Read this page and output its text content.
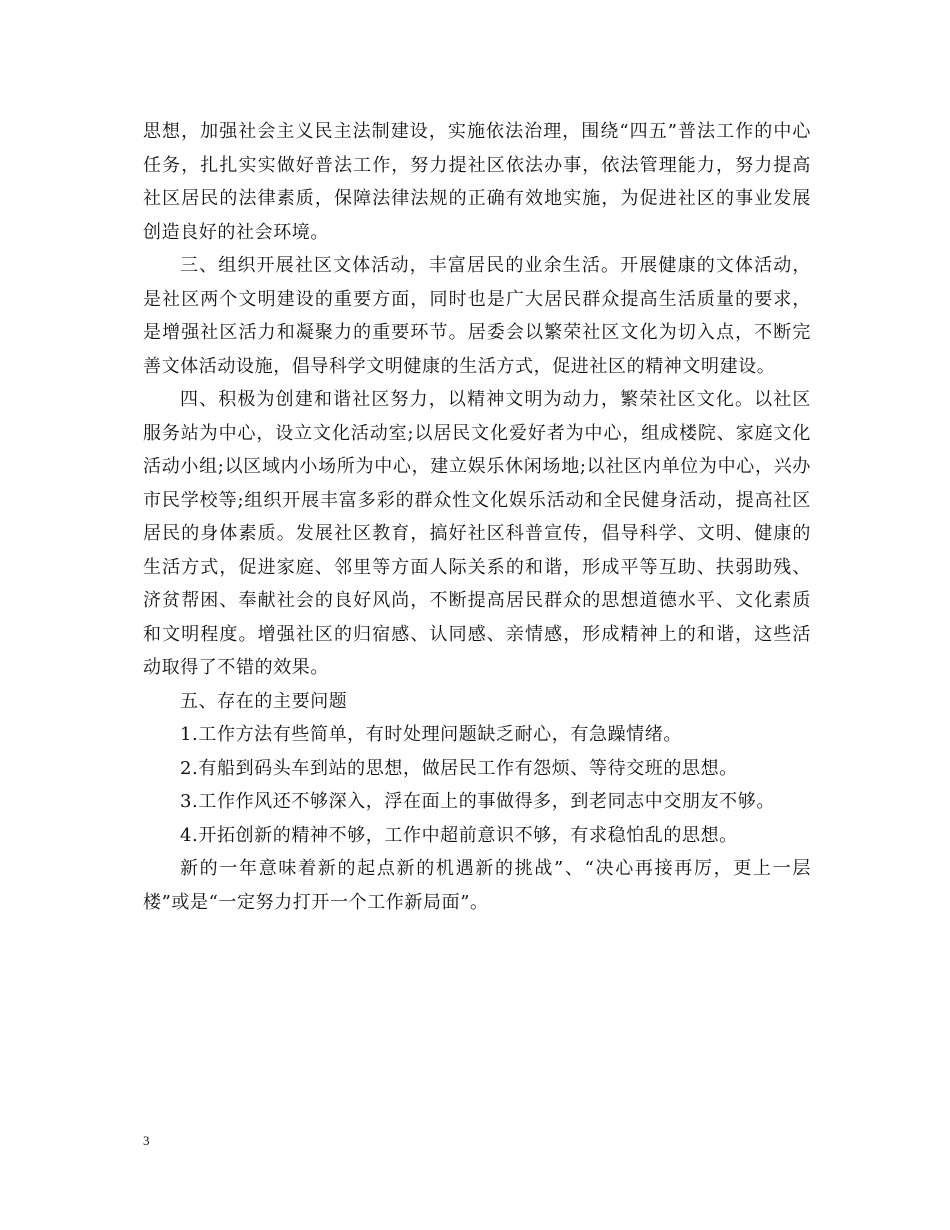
思想，加强社会主义民主法制建设，实施依法治理，围绕“四五”普法工作的中心任务，扎扎实实做好普法工作，努力提社区依法办事，依法管理能力，努力提高社区居民的法律素质，保障法律法规的正确有效地实施，为促进社区的事业发展创造良好的社会环境。

三、组织开展社区文体活动，丰富居民的业余生活。开展健康的文体活动，是社区两个文明建设的重要方面，同时也是广大居民群众提高生活质量的要求，是增强社区活力和凝聚力的重要环节。居委会以繁荣社区文化为切入点，不断完善文体活动设施，倡导科学文明健康的生活方式，促进社区的精神文明建设。

四、积极为创建和谐社区努力，以精神文明为动力，繁荣社区文化。以社区服务站为中心，设立文化活动室;以居民文化爱好者为中心，组成楼院、家庭文化活动小组;以区域内小场所为中心，建立娱乐休闲场地;以社区内单位为中心，兴办市民学校等;组织开展丰富多彩的群众性文化娱乐活动和全民健身活动，提高社区居民的身体素质。发展社区教育，搞好社区科普宣传，倡导科学、文明、健康的生活方式，促进家庭、邻里等方面人际关系的和谐，形成平等互助、扶弱助残、济贫帮困、奉献社会的良好风尚，不断提高居民群众的思想道德水平、文化素质和文明程度。增强社区的归宿感、认同感、亲情感，形成精神上的和谐，这些活动取得了不错的效果。

五、存在的主要问题

1.工作方法有些简单，有时处理问题缺乏耐心，有急躁情绪。

2.有船到码头车到站的思想，做居民工作有怨烦、等待交班的思想。

3.工作作风还不够深入，浮在面上的事做得多，到老同志中交朋友不够。

4.开拓创新的精神不够，工作中超前意识不够，有求稳怕乱的思想。

新的一年意味着新的起点新的机遇新的挑战”、“决心再接再厉，更上一层楼”或是“一定努力打开一个工作新局面”。

3
